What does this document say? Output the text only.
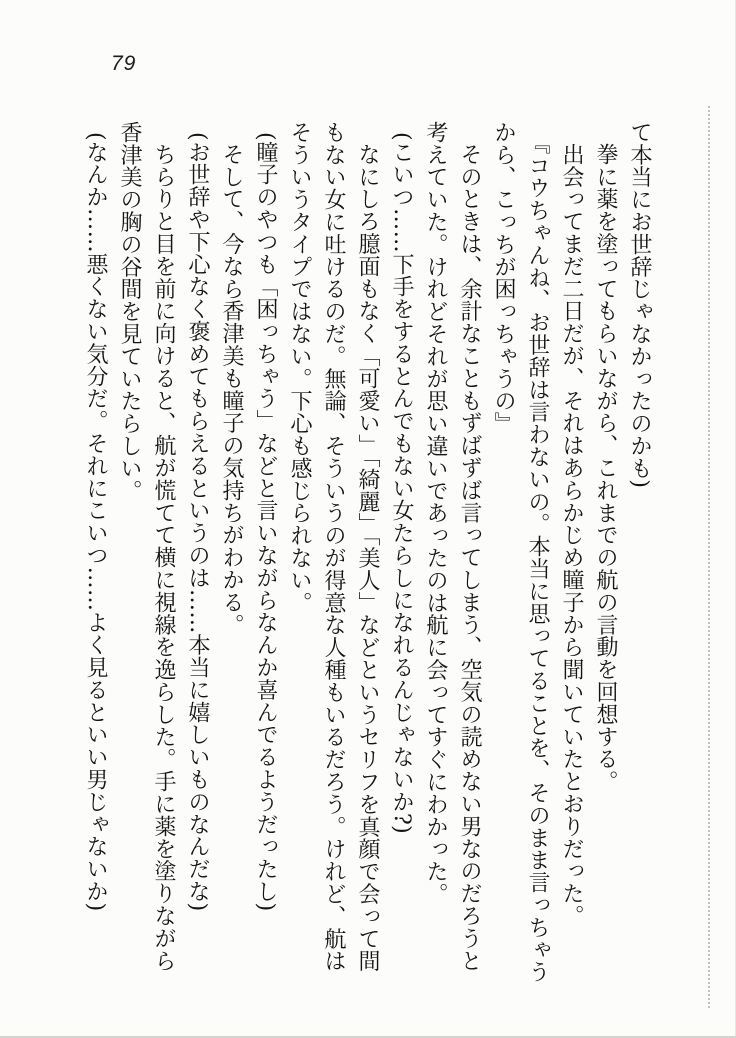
79
て本当にお世辞じゃなかったのかも)
拳に薬を塗ってもらいながら、これまでの航の言動を回想する。
出会ってまだ二日だが、それはあらかじめ瞳子から聞いていたとおりだった。
『コウちゃんね、お世辞は言わないの。本当に思ってることを、そのまま言っちゃう
から、こっちが困っちゃうの』
そのときは、余計なこともずばずば言ってしまう、空気の読めない男なのだろうと
考えていた。けれどそれが思い違いであったのは航に会ってすぐにわかった。
(こいつ……下手をするとんでもない女たらしになれるんじゃないか?)
なにしろ臆面もなく「可愛い」「綺麗」「美人」などというセリフを真顔で会って間
もない女に吐けるのだ。無論、そういうのが得意な人種もいるだろう。けれど、航は
そういうタイプではない。下心も感じられない。
(瞳子のやつも「困っちゃう」などと言いながらなんか喜んでるようだったし)
そして、今なら香津美も瞳子の気持ちがわかる。
(お世辞や下心なく褒めてもらえるというのは……本当に嬉しいものなんだな)
ちらりと目を前に向けると、航が慌てて横に視線を逸らした。手に薬を塗りながら
香津美の胸の谷間を見ていたらしい。
(なんか……悪くない気分だ。それにこいつ……よく見るといい男じゃないか)
